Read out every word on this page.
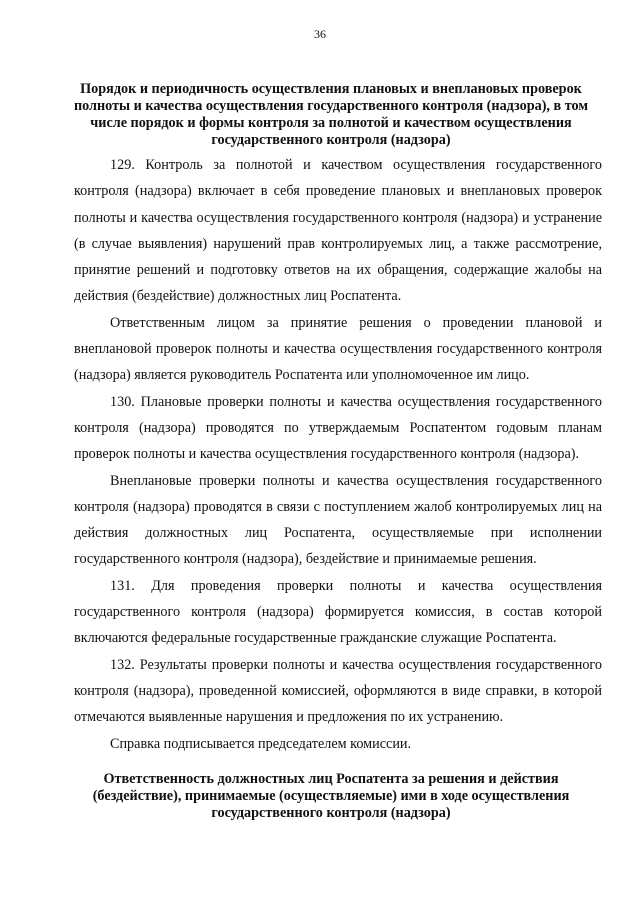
36
Порядок и периодичность осуществления плановых и внеплановых проверок полноты и качества осуществления государственного контроля (надзора), в том числе порядок и формы контроля за полнотой и качеством осуществления государственного контроля (надзора)

129. Контроль за полнотой и качеством осуществления государственного контроля (надзора) включает в себя проведение плановых и внеплановых проверок полноты и качества осуществления государственного контроля (надзора) и устранение (в случае выявления) нарушений прав контролируемых лиц, а также рассмотрение, принятие решений и подготовку ответов на их обращения, содержащие жалобы на действия (бездействие) должностных лиц Роспатента.

Ответственным лицом за принятие решения о проведении плановой и внеплановой проверок полноты и качества осуществления государственного контроля (надзора) является руководитель Роспатента или уполномоченное им лицо.

130. Плановые проверки полноты и качества осуществления государственного контроля (надзора) проводятся по утверждаемым Роспатентом годовым планам проверок полноты и качества осуществления государственного контроля (надзора).

Внеплановые проверки полноты и качества осуществления государственного контроля (надзора) проводятся в связи с поступлением жалоб контролируемых лиц на действия должностных лиц Роспатента, осуществляемые при исполнении государственного контроля (надзора), бездействие и принимаемые решения.

131. Для проведения проверки полноты и качества осуществления государственного контроля (надзора) формируется комиссия, в состав которой включаются федеральные государственные гражданские служащие Роспатента.

132. Результаты проверки полноты и качества осуществления государственного контроля (надзора), проведенной комиссией, оформляются в виде справки, в которой отмечаются выявленные нарушения и предложения по их устранению.

Справка подписывается председателем комиссии.

Ответственность должностных лиц Роспатента за решения и действия (бездействие), принимаемые (осуществляемые) ими в ходе осуществления государственного контроля (надзора)
